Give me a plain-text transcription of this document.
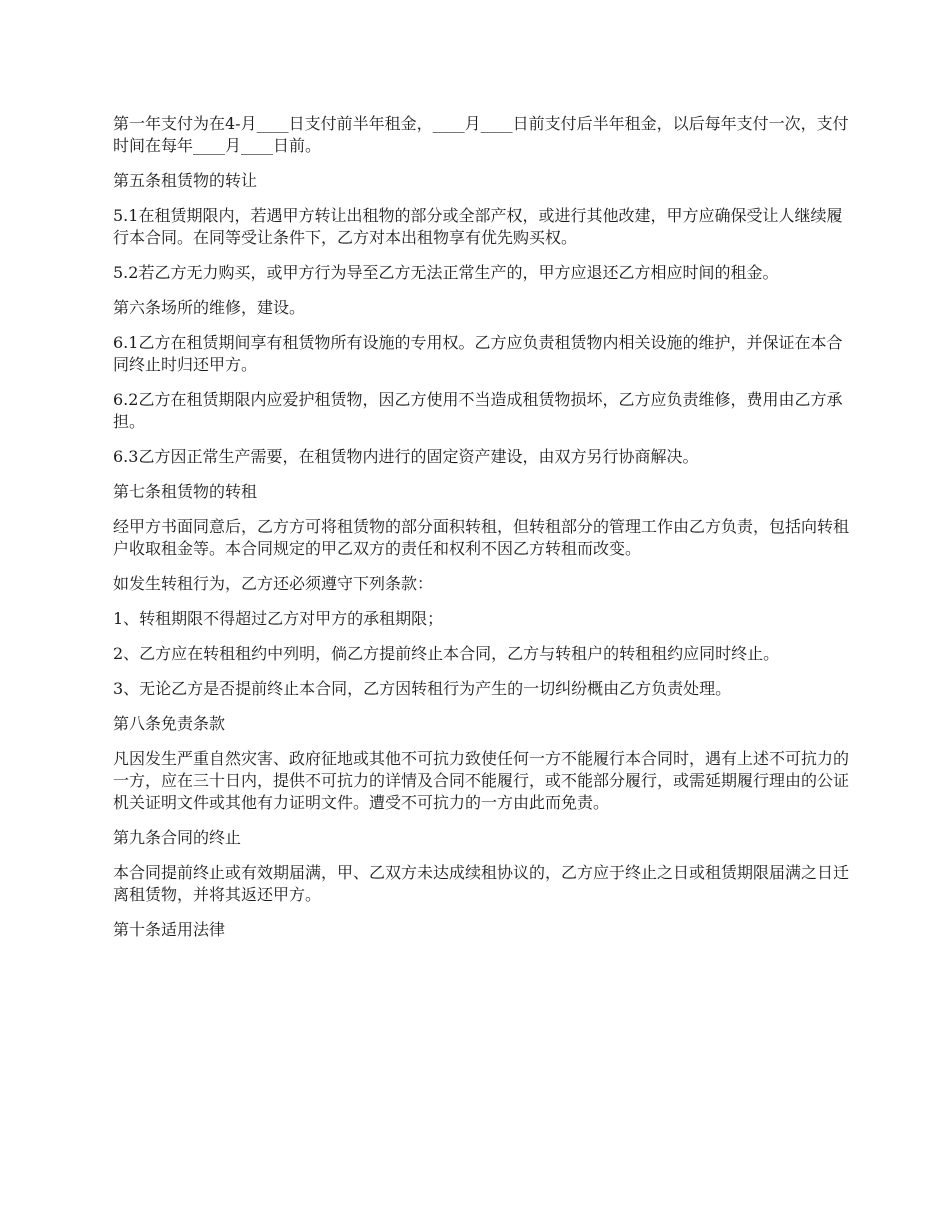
第一年支付为在4-月____日支付前半年租金，____月____日前支付后半年租金，以后每年支付一次，支付时间在每年____月____日前。

第五条租赁物的转让

5.1在租赁期限内，若遇甲方转让出租物的部分或全部产权，或进行其他改建，甲方应确保受让人继续履行本合同。在同等受让条件下，乙方对本出租物享有优先购买权。

5.2若乙方无力购买，或甲方行为导至乙方无法正常生产的，甲方应退还乙方相应时间的租金。

第六条场所的维修，建设。

6.1乙方在租赁期间享有租赁物所有设施的专用权。乙方应负责租赁物内相关设施的维护，并保证在本合同终止时归还甲方。

6.2乙方在租赁期限内应爱护租赁物，因乙方使用不当造成租赁物损坏，乙方应负责维修，费用由乙方承担。

6.3乙方因正常生产需要，在租赁物内进行的固定资产建设，由双方另行协商解决。

第七条租赁物的转租

经甲方书面同意后，乙方方可将租赁物的部分面积转租，但转租部分的管理工作由乙方负责，包括向转租户收取租金等。本合同规定的甲乙双方的责任和权利不因乙方转租而改变。

如发生转租行为，乙方还必须遵守下列条款：

1、转租期限不得超过乙方对甲方的承租期限；

2、乙方应在转租租约中列明，倘乙方提前终止本合同，乙方与转租户的转租租约应同时终止。

3、无论乙方是否提前终止本合同，乙方因转租行为产生的一切纠纷概由乙方负责处理。

第八条免责条款

凡因发生严重自然灾害、政府征地或其他不可抗力致使任何一方不能履行本合同时，遇有上述不可抗力的一方，应在三十日内，提供不可抗力的详情及合同不能履行，或不能部分履行，或需延期履行理由的公证机关证明文件或其他有力证明文件。遭受不可抗力的一方由此而免责。

第九条合同的终止

本合同提前终止或有效期届满，甲、乙双方未达成续租协议的，乙方应于终止之日或租赁期限届满之日迁离租赁物，并将其返还甲方。

第十条适用法律
